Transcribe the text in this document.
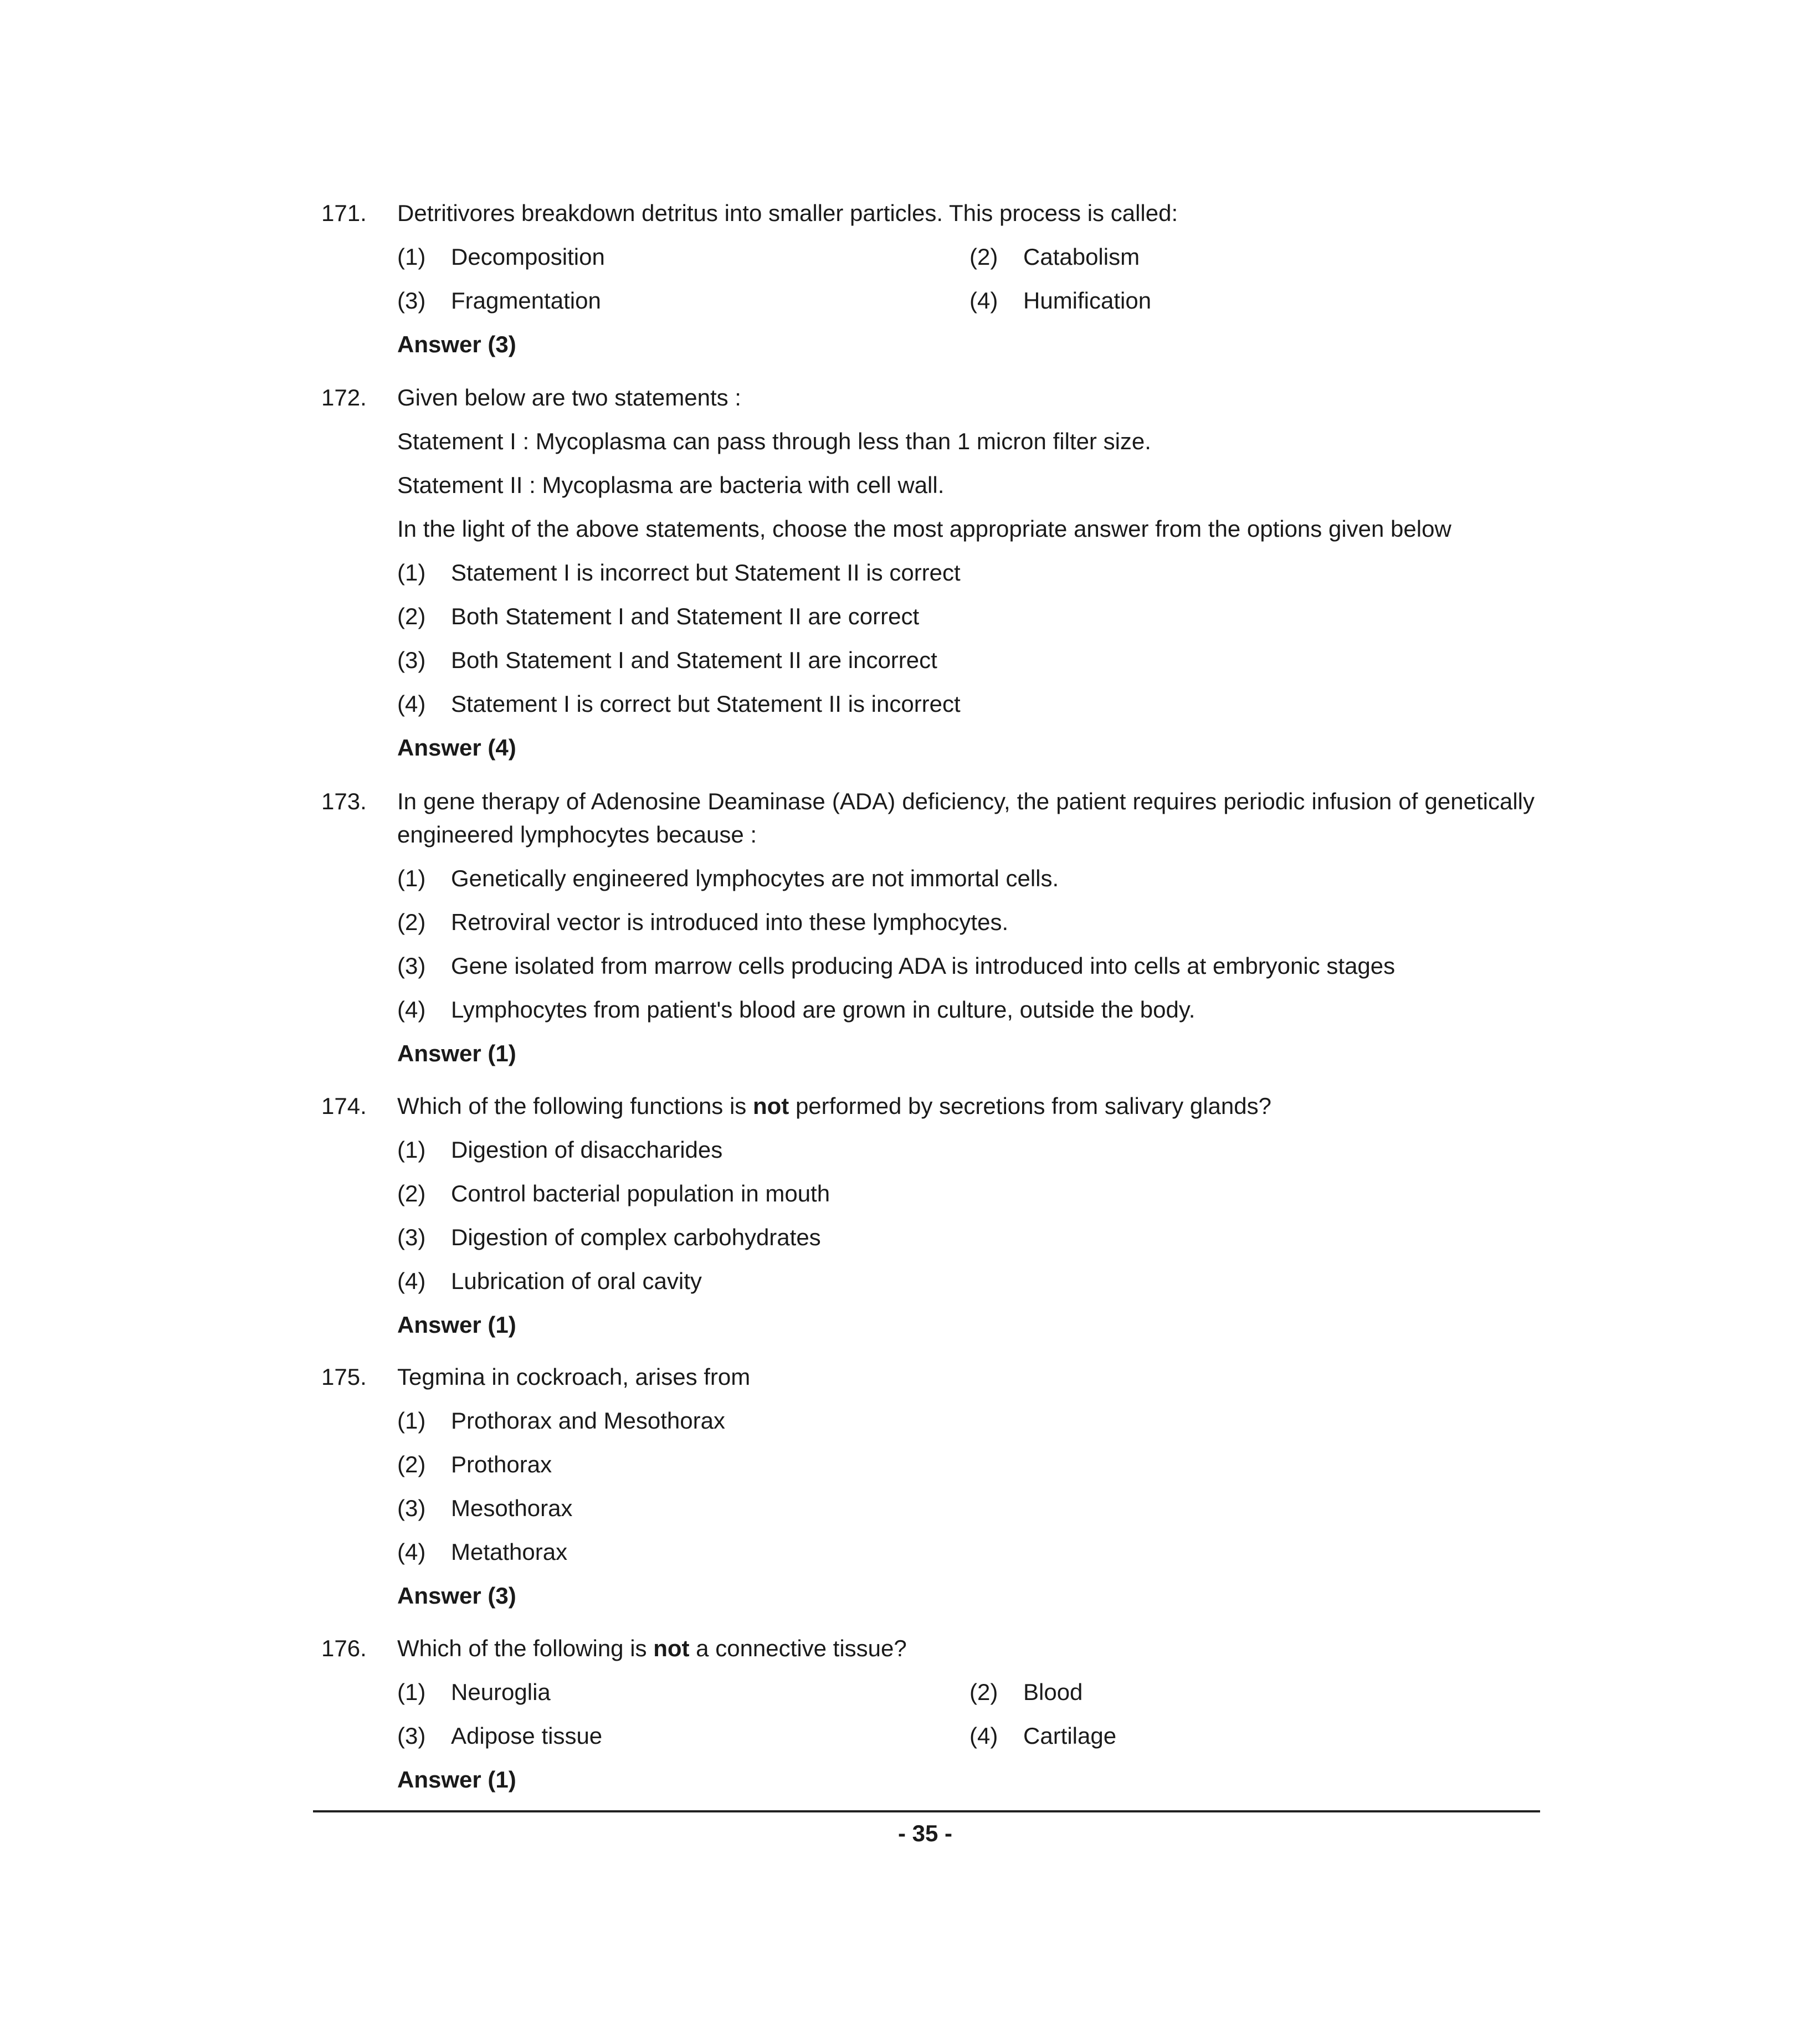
171.	Detritivores breakdown detritus into smaller particles. This process is called:
(1) Decomposition	(2) Catabolism
(3) Fragmentation	(4) Humification
Answer (3)
172.	Given below are two statements :
Statement I : Mycoplasma can pass through less than 1 micron filter size.
Statement II : Mycoplasma are bacteria with cell wall.
In the light of the above statements, choose the most appropriate answer from the options given below
(1) Statement I is incorrect but Statement II is correct
(2) Both Statement I and Statement II are correct
(3) Both Statement I and Statement II are incorrect
(4) Statement I is correct but Statement II is incorrect
Answer (4)
173.	In gene therapy of Adenosine Deaminase (ADA) deficiency, the patient requires periodic infusion of genetically engineered lymphocytes because :
(1) Genetically engineered lymphocytes are not immortal cells.
(2) Retroviral vector is introduced into these lymphocytes.
(3) Gene isolated from marrow cells producing ADA is introduced into cells at embryonic stages
(4) Lymphocytes from patient's blood are grown in culture, outside the body.
Answer (1)
174.	Which of the following functions is not performed by secretions from salivary glands?
(1) Digestion of disaccharides
(2) Control bacterial population in mouth
(3) Digestion of complex carbohydrates
(4) Lubrication of oral cavity
Answer (1)
175.	Tegmina in cockroach, arises from
(1) Prothorax and Mesothorax
(2) Prothorax
(3) Mesothorax
(4) Metathorax
Answer (3)
176.	Which of the following is not a connective tissue?
(1) Neuroglia	(2) Blood
(3) Adipose tissue	(4) Cartilage
Answer (1)
- 35 -
